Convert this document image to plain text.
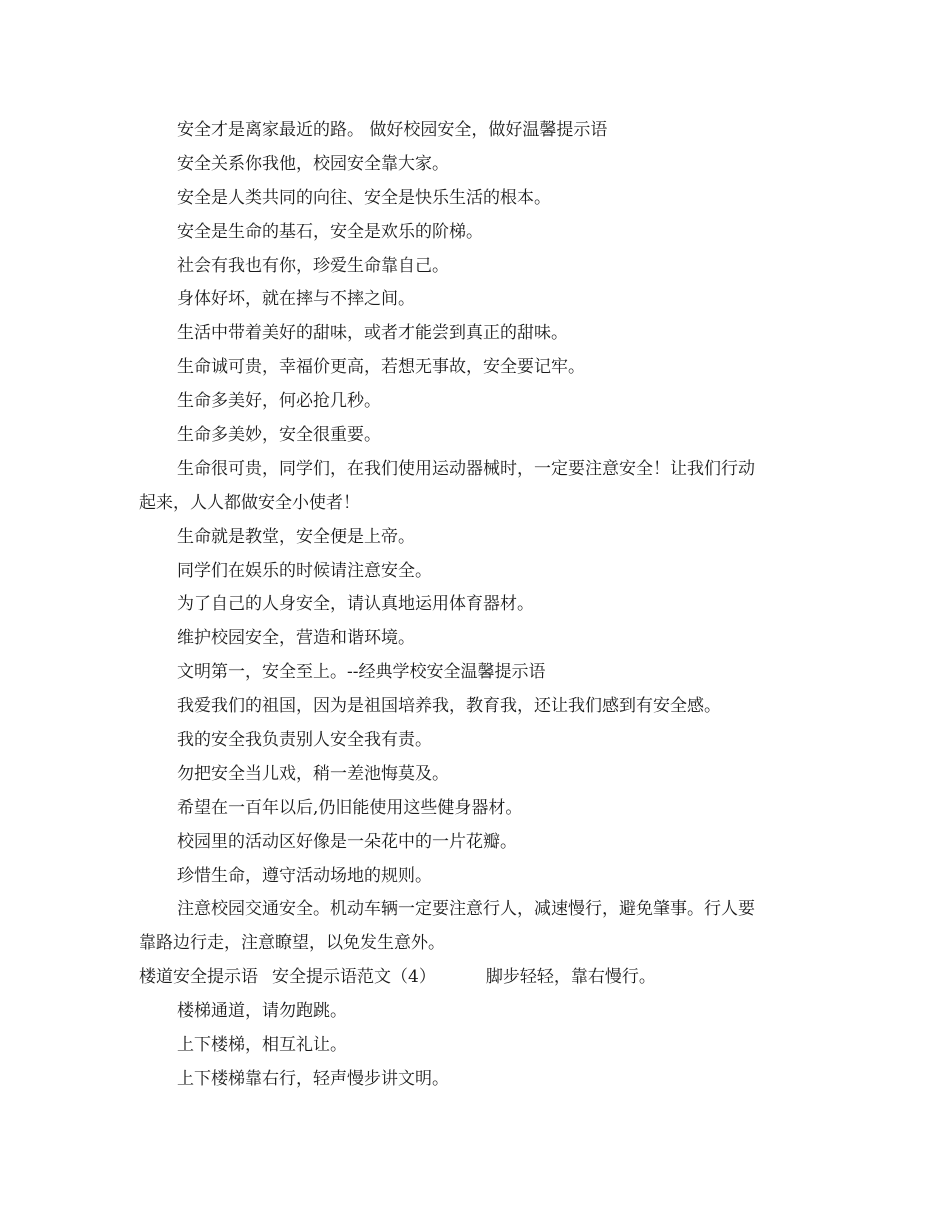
安全才是离家最近的路。 做好校园安全，做好温馨提示语
安全关系你我他，校园安全靠大家。
安全是人类共同的向往、安全是快乐生活的根本。
安全是生命的基石，安全是欢乐的阶梯。
社会有我也有你，珍爱生命靠自己。
身体好坏，就在摔与不摔之间。
生活中带着美好的甜味，或者才能尝到真正的甜味。
生命诚可贵，幸福价更高，若想无事故，安全要记牢。
生命多美好，何必抢几秒。
生命多美妙，安全很重要。
生命很可贵，同学们，在我们使用运动器械时，一定要注意安全！让我们行动
起来，人人都做安全小使者！
生命就是教堂，安全便是上帝。
同学们在娱乐的时候请注意安全。
为了自己的人身安全，请认真地运用体育器材。
维护校园安全，营造和谐环境。
文明第一，安全至上。--经典学校安全温馨提示语
我爱我们的祖国，因为是祖国培养我，教育我，还让我们感到有安全感。
我的安全我负责别人安全我有责。
勿把安全当儿戏，稍一差池悔莫及。
希望在一百年以后,仍旧能使用这些健身器材。
校园里的活动区好像是一朵花中的一片花瓣。
珍惜生命，遵守活动场地的规则。
注意校园交通安全。机动车辆一定要注意行人，减速慢行，避免肇事。行人要
靠路边行走，注意瞭望，以免发生意外。
楼道安全提示语 安全提示语范文（4）	脚步轻轻，靠右慢行。
楼梯通道，请勿跑跳。
上下楼梯，相互礼让。
上下楼梯靠右行，轻声慢步讲文明。
